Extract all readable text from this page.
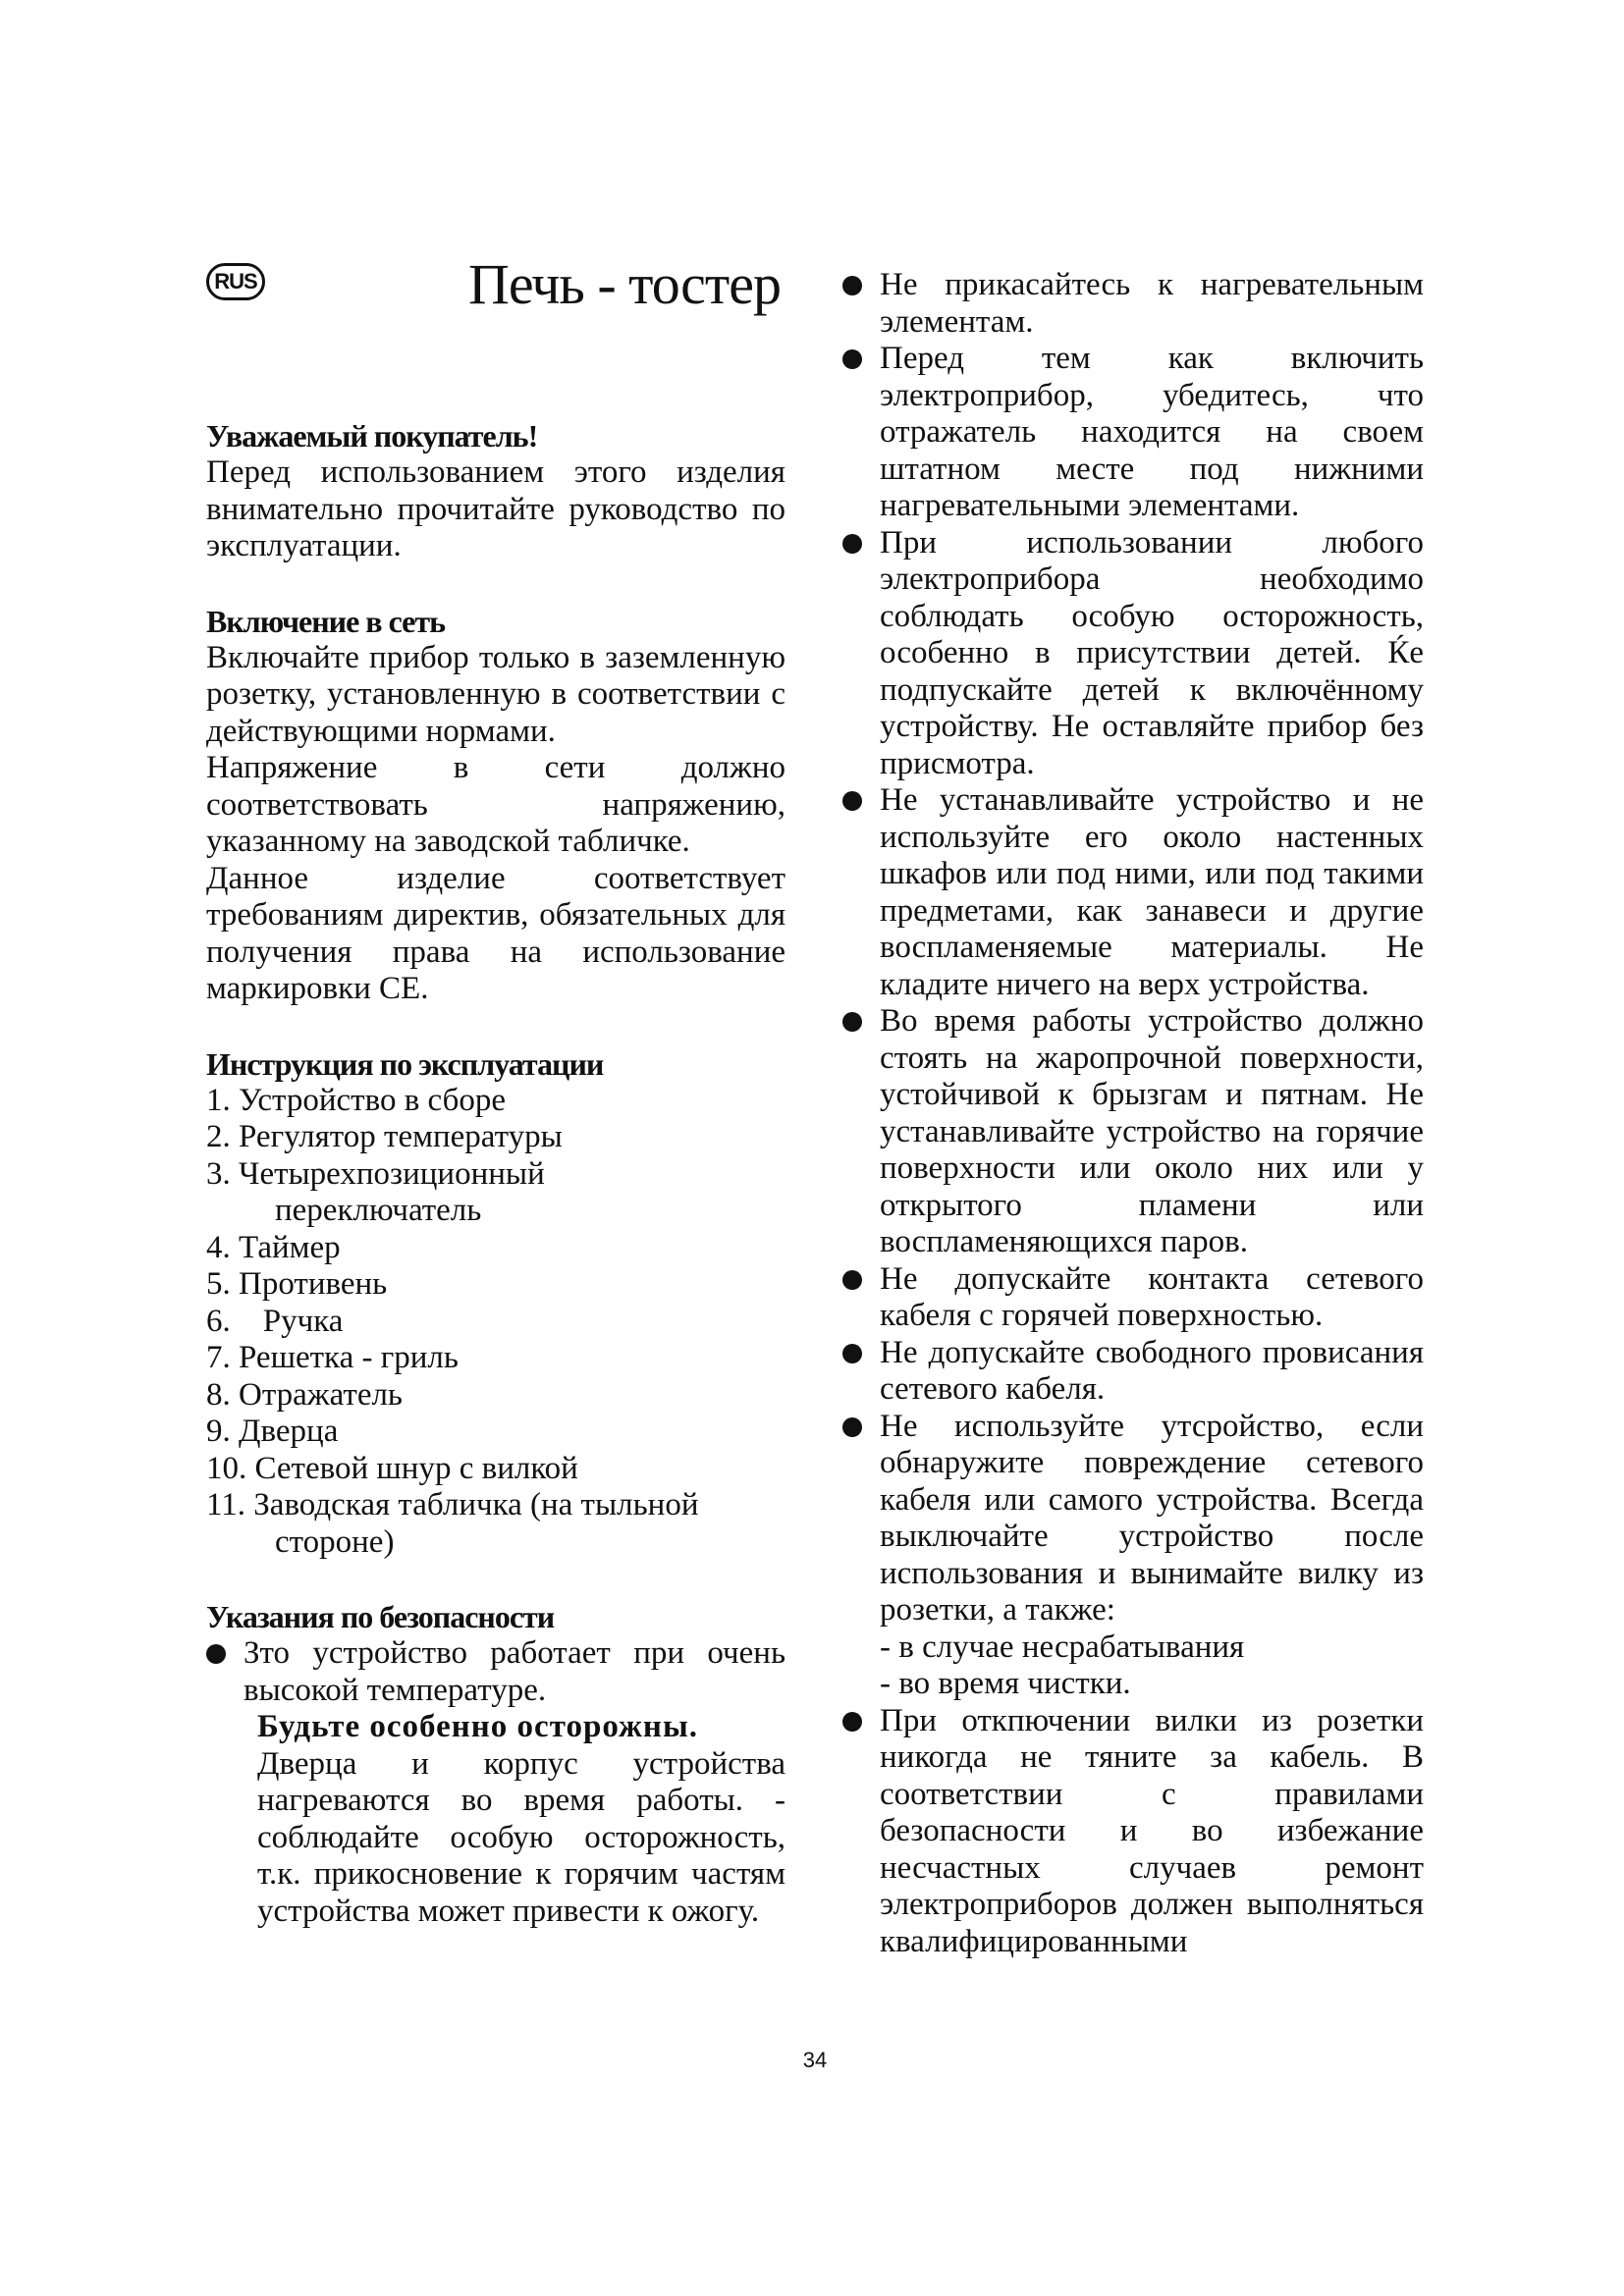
RUS	Печь - тостер

Уважаемый покупатель!

Перед использованием этого изделия внимательно прочитайте руководство по эксплуатации.

Включение в сеть

Включайте прибор только в заземленную розетку, установленную в соответствии с действующими нормами.

Напряжение в сети должно соответствовать напряжению, указанному на заводской табличке.

Данное изделие соответствует требованиям директив, обязательных для получения права на использование маркировки CE.

Инструкция по эксплуатации

1. Устройство в сборе
2. Регулятор температуры
3. Четырехпозиционный
переключатель
4. Таймер
5. Противень
6.    Ручка
7. Решетка - гриль
8. Отражатель
9. Дверца
10. Сетевой шнур с вилкой
11. Заводская табличка (на тыльной
стороне)

Указания по безопасности

Зто устройство работает при очень высокой температуре.
Будьте особенно осторожны.

Дверца и корпус устройства нагреваются во время работы. - соблюдайте особую осторожность, т.к. прикосновение к горячим частям устройства может привести к ожогу.

Не прикасайтесь к нагревательным элементам.
Перед тем как включить электроприбор, убедитесь, что отражатель находится на своем штатном месте под нижними нагревательными элементами.
При использовании любого электроприбора необходимо соблюдать особую осторожность, особенно в присутствии детей. Ќе подпускайте детей к включённому устройству. Не оставляйте прибор без присмотра.
Не устанавливайте устройство и не используйте его около настенных шкафов или под ними, или под такими предметами, как занавеси и другие воспламеняемые материалы. Не кладите ничего на верх устройства.
Во время работы устройство должно стоять на жаропрочной поверхности, устойчивой к брызгам и пятнам. Не устанавливайте устройство на горячие поверхности или около них или у открытого пламени или воспламеняющихся паров.
Не допускайте контакта сетевого кабеля с горячей поверхностью.
Не допускайте свободного провисания сетевого кабеля.
Не используйте утсройство, если обнаружите повреждение сетевого кабеля или самого устройства. Всегда выключайте устройство после использования и вынимайте вилку из розетки, а также:
- в случае несрабатывания
- во время чистки.
При откпючении вилки из розетки никогда не тяните за кабель. В соответствии с правилами безопасности и во избежание несчастных случаев ремонт электроприборов должен выполняться квалифицированными
34
